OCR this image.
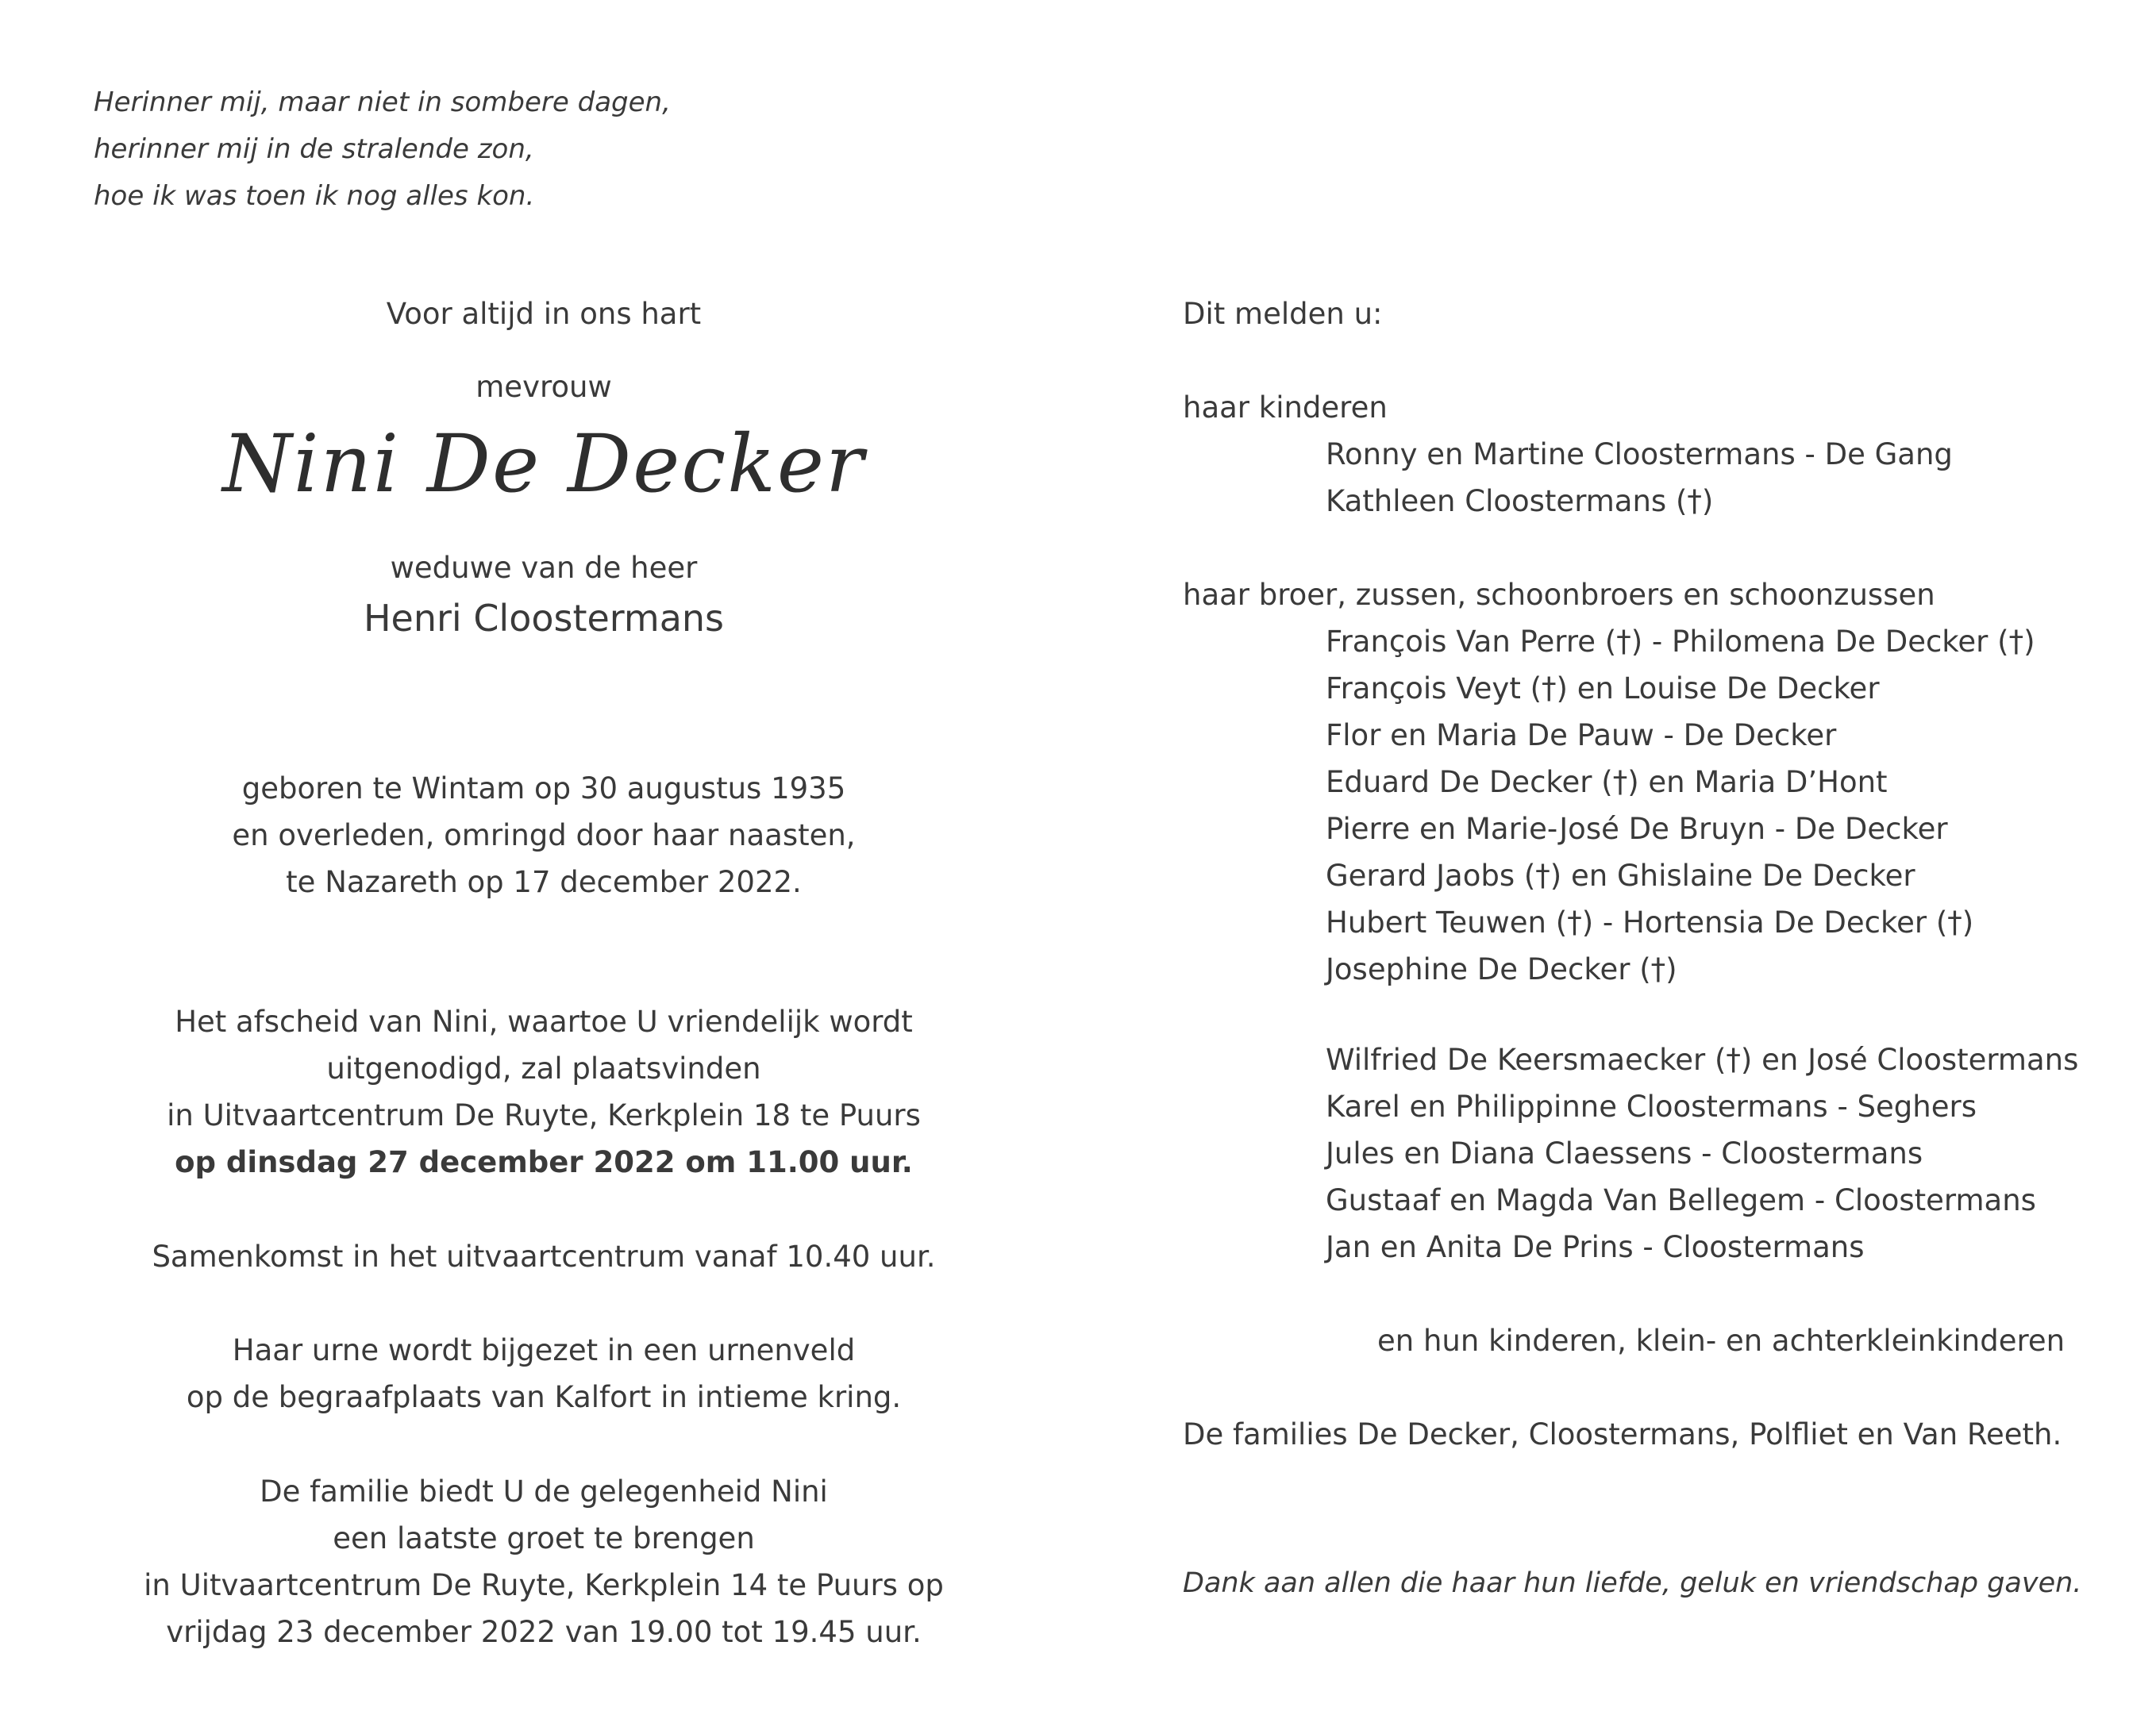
Herinner mij, maar niet in sombere dagen,
herinner mij in de stralende zon,
hoe ik was toen ik nog alles kon.
Voor altijd in ons hart
mevrouw
Nini De Decker
weduwe van de heer
Henri Cloostermans
geboren te Wintam op 30 augustus 1935
en overleden, omringd door haar naasten,
te Nazareth op 17 december 2022.
Het afscheid van Nini, waartoe U vriendelijk wordt
uitgenodigd, zal plaatsvinden
in Uitvaartcentrum De Ruyte, Kerkplein 18 te Puurs
op dinsdag 27 december 2022 om 11.00 uur.
Samenkomst in het uitvaartcentrum vanaf 10.40 uur.
Haar urne wordt bijgezet in een urnenveld
op de begraafplaats van Kalfort in intieme kring.
De familie biedt U de gelegenheid Nini
een laatste groet te brengen
in Uitvaartcentrum De Ruyte, Kerkplein 14 te Puurs op
vrijdag 23 december 2022 van 19.00 tot 19.45 uur.
Dit melden u:
haar kinderen
Ronny en Martine Cloostermans - De Gang
Kathleen Cloostermans (†)
haar broer, zussen, schoonbroers en schoonzussen
François Van Perre (†) - Philomena De Decker (†)
François Veyt (†) en Louise De Decker
Flor en Maria De Pauw - De Decker
Eduard De Decker (†) en Maria D’Hont
Pierre en Marie-José De Bruyn - De Decker
Gerard Jaobs (†) en Ghislaine De Decker
Hubert Teuwen (†) - Hortensia De Decker (†)
Josephine De Decker (†)
Wilfried De Keersmaecker (†) en José Cloostermans
Karel en Philippinne Cloostermans - Seghers
Jules en Diana Claessens - Cloostermans
Gustaaf en Magda Van Bellegem - Cloostermans
Jan en Anita De Prins - Cloostermans
en hun kinderen, klein- en achterkleinkinderen
De families De Decker, Cloostermans, Polfliet en Van Reeth.
Dank aan allen die haar hun liefde, geluk en vriendschap gaven.
